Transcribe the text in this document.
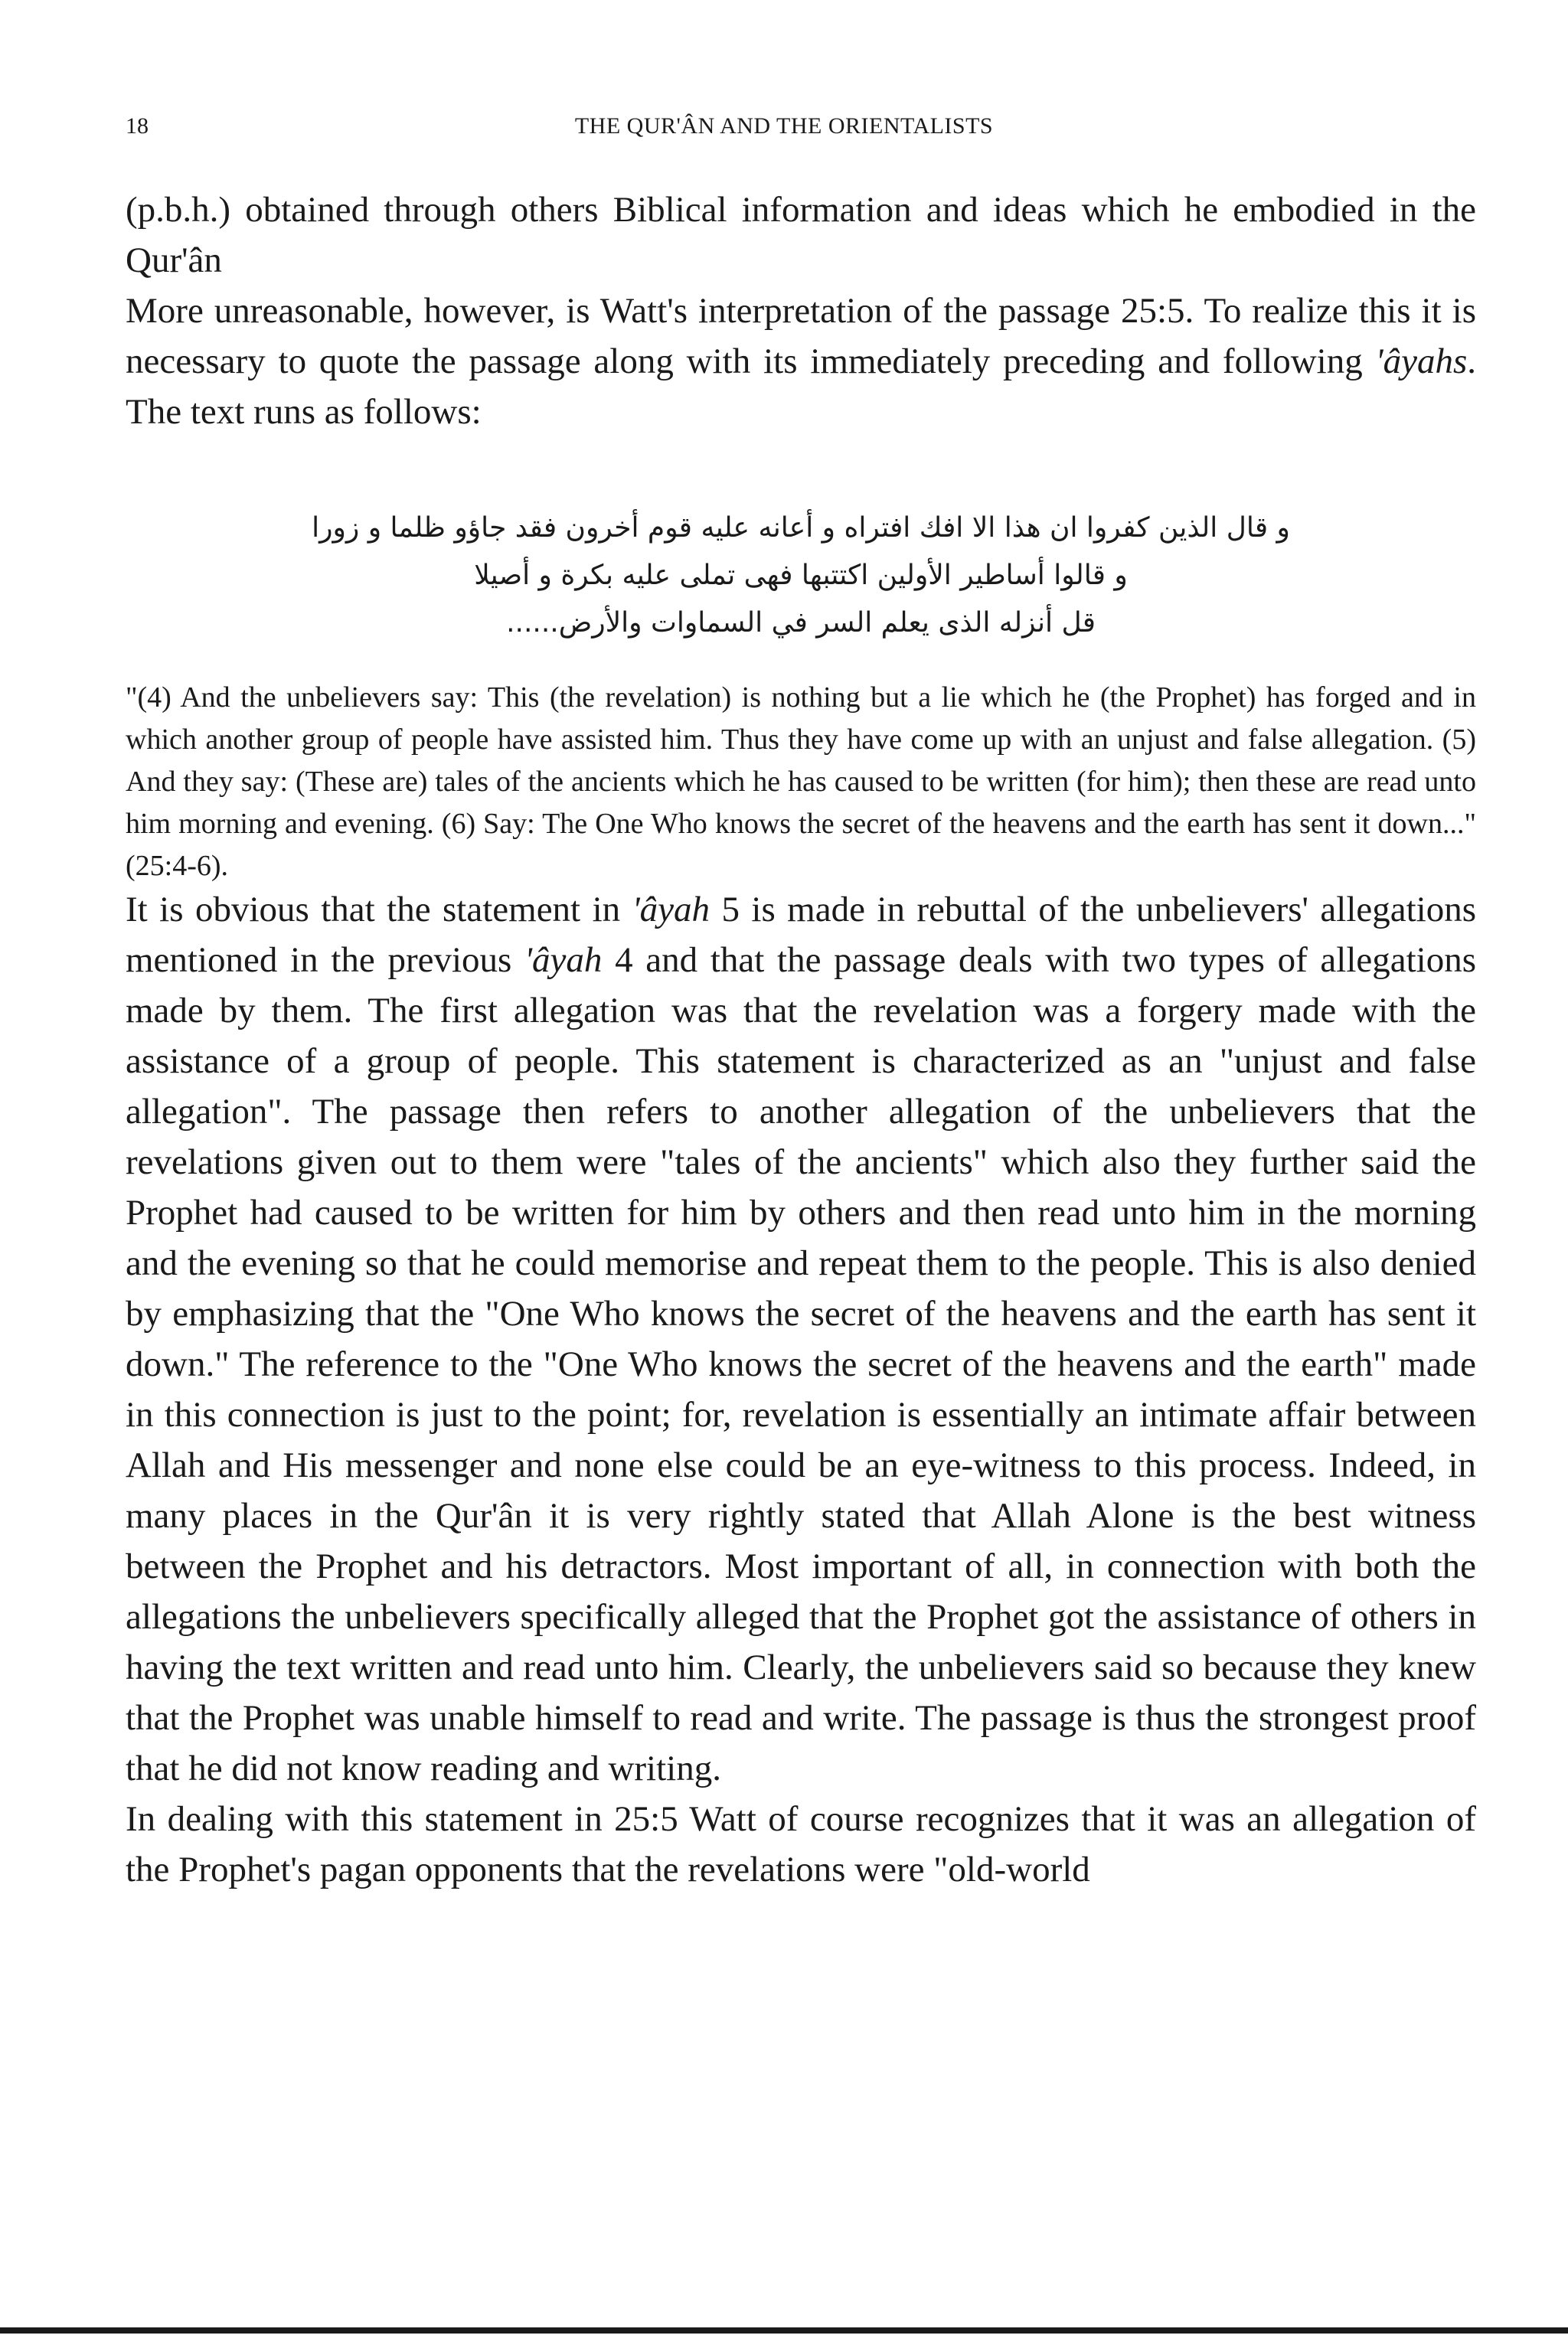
18	THE QUR'ÂN AND THE ORIENTALISTS

(p.b.h.) obtained through others Biblical information and ideas which he embodied in the Qur'ân

More unreasonable, however, is Watt's interpretation of the passage 25:5. To realize this it is necessary to quote the passage along with its immediately preceding and following 'âyahs. The text runs as follows:

و قال الذين كفروا ان هذا الا افك افتراه و أعانه عليه قوم أخرون فقد جاؤو ظلما و زورا
و قالوا أساطير الأولين اكتتبها فهى تملى عليه بكرة و أصيلا
قل أنزله الذى يعلم السر في السماوات والأرض......
"(4) And the unbelievers say: This (the revelation) is nothing but a lie which he (the Prophet) has forged and in which another group of people have assisted him. Thus they have come up with an unjust and false allegation. (5) And they say: (These are) tales of the ancients which he has caused to be written (for him); then these are read unto him morning and evening. (6) Say: The One Who knows the secret of the heavens and the earth has sent it down..." (25:4-6).

It is obvious that the statement in 'âyah 5 is made in rebuttal of the unbelievers' allegations mentioned in the previous 'âyah 4 and that the passage deals with two types of allegations made by them. The first allegation was that the revelation was a forgery made with the assistance of a group of people. This statement is characterized as an "unjust and false allegation". The passage then refers to another allegation of the unbelievers that the revelations given out to them were "tales of the ancients" which also they further said the Prophet had caused to be written for him by others and then read unto him in the morning and the evening so that he could memorise and repeat them to the people. This is also denied by emphasizing that the "One Who knows the secret of the heavens and the earth has sent it down." The reference to the "One Who knows the secret of the heavens and the earth" made in this connection is just to the point; for, revelation is essentially an intimate affair between Allah and His messenger and none else could be an eye-witness to this process. Indeed, in many places in the Qur'ân it is very rightly stated that Allah Alone is the best witness between the Prophet and his detractors. Most important of all, in connection with both the allegations the unbelievers specifically alleged that the Prophet got the assistance of others in having the text written and read unto him. Clearly, the unbelievers said so because they knew that the Prophet was unable himself to read and write. The passage is thus the strongest proof that he did not know reading and writing.

In dealing with this statement in 25:5 Watt of course recognizes that it was an allegation of the Prophet's pagan opponents that the revelations were "old-world
